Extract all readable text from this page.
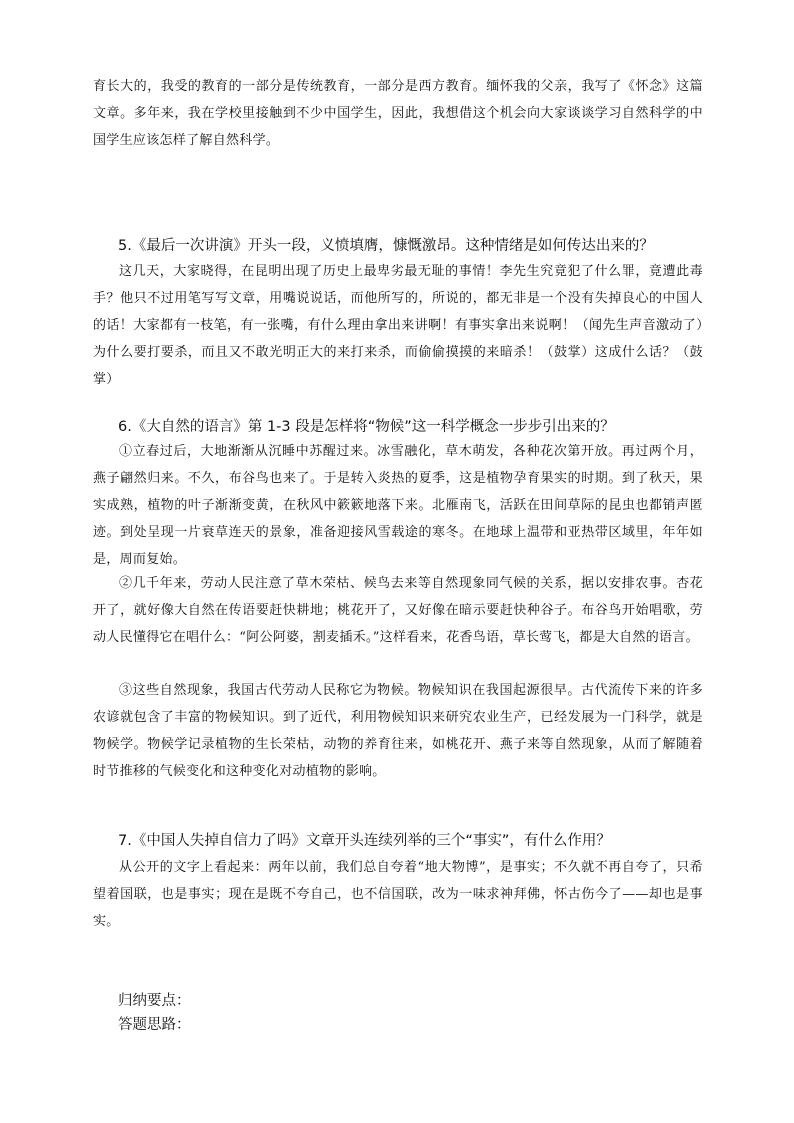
育长大的，我受的教育的一部分是传统教育，一部分是西方教育。缅怀我的父亲，我写了《怀念》这篇文章。多年来，我在学校里接触到不少中国学生，因此，我想借这个机会向大家谈谈学习自然科学的中国学生应该怎样了解自然科学。

5.《最后一次讲演》开头一段，义愤填膺，慷慨激昂。这种情绪是如何传达出来的？

这几天，大家晓得，在昆明出现了历史上最卑劣最无耻的事情！李先生究竟犯了什么罪，竟遭此毒手？他只不过用笔写写文章，用嘴说说话，而他所写的，所说的，都无非是一个没有失掉良心的中国人的话！大家都有一枝笔，有一张嘴，有什么理由拿出来讲啊！有事实拿出来说啊！（闻先生声音激动了）为什么要打要杀，而且又不敢光明正大的来打来杀，而偷偷摸摸的来暗杀！（鼓掌）这成什么话？（鼓掌）

6.《大自然的语言》第 1-3 段是怎样将“物候”这一科学概念一步步引出来的？

①立春过后，大地渐渐从沉睡中苏醒过来。冰雪融化，草木萌发，各种花次第开放。再过两个月，燕子翩然归来。不久，布谷鸟也来了。于是转入炎热的夏季，这是植物孕育果实的时期。到了秋天，果实成熟，植物的叶子渐渐变黄，在秋风中簌簌地落下来。北雁南飞，活跃在田间草际的昆虫也都销声匿迹。到处呈现一片衰草连天的景象，准备迎接风雪载途的寒冬。在地球上温带和亚热带区域里，年年如是，周而复始。

②几千年来，劳动人民注意了草木荣枯、候鸟去来等自然现象同气候的关系，据以安排农事。杏花开了，就好像大自然在传语要赶快耕地；桃花开了，又好像在暗示要赶快种谷子。布谷鸟开始唱歌，劳动人民懂得它在唱什么：“阿公阿婆，割麦插禾。”这样看来，花香鸟语，草长莺飞，都是大自然的语言。

③这些自然现象，我国古代劳动人民称它为物候。物候知识在我国起源很早。古代流传下来的许多农谚就包含了丰富的物候知识。到了近代，利用物候知识来研究农业生产，已经发展为一门科学，就是物候学。物候学记录植物的生长荣枯，动物的养育往来，如桃花开、燕子来等自然现象，从而了解随着时节推移的气候变化和这种变化对动植物的影响。

7.《中国人失掉自信力了吗》文章开头连续列举的三个“事实”，有什么作用？

从公开的文字上看起来：两年以前，我们总自夸着“地大物博”，是事实；不久就不再自夸了，只希望着国联，也是事实；现在是既不夸自己，也不信国联，改为一味求神拜佛，怀古伤今了——却也是事实。

归纳要点：

答题思路：
